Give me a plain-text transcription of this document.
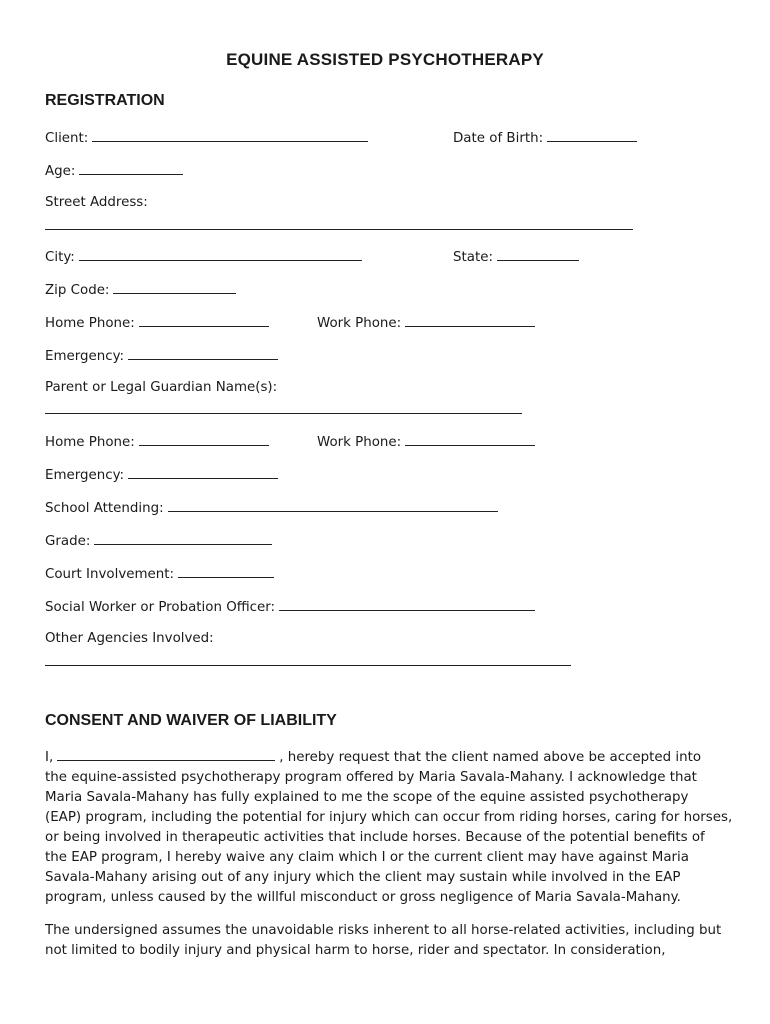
EQUINE ASSISTED PSYCHOTHERAPY
REGISTRATION
Client:	Date of Birth:
Age:
Street Address:
City:	State:
Zip Code:
Home Phone:	Work Phone:
Emergency:
Parent or Legal Guardian Name(s):
Home Phone:	Work Phone:
Emergency:
School Attending:
Grade:
Court Involvement:
Social Worker or Probation Officer:
Other Agencies Involved:
CONSENT AND WAIVER OF LIABILITY
I,	, hereby request that the client named above be accepted into
the equine-assisted psychotherapy program offered by Maria Savala-Mahany. I acknowledge that
Maria Savala-Mahany has fully explained to me the scope of the equine assisted psychotherapy
(EAP) program, including the potential for injury which can occur from riding horses, caring for horses,
or being involved in therapeutic activities that include horses. Because of the potential benefits of
the EAP program, I hereby waive any claim which I or the current client may have against Maria
Savala-Mahany arising out of any injury which the client may sustain while involved in the EAP
program, unless caused by the willful misconduct or gross negligence of Maria Savala-Mahany.
The undersigned assumes the unavoidable risks inherent to all horse-related activities, including but
not limited to bodily injury and physical harm to horse, rider and spectator. In consideration,
